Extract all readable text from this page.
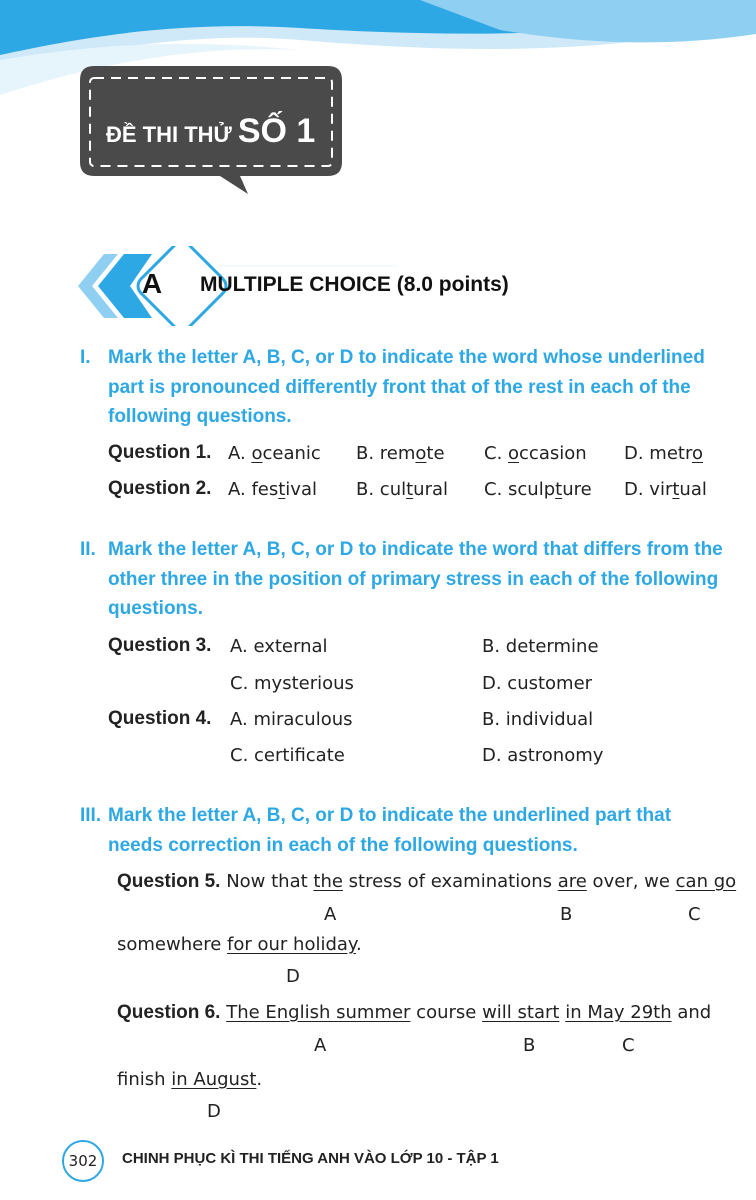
ĐỀ THI THỬ SỐ 1
A	MULTIPLE CHOICE (8.0 points)
I. Mark the letter A, B, C, or D to indicate the word whose underlined part is pronounced differently front that of the rest in each of the following questions.
Question 1. A. oceanic B. remote C. occasion D. metro
Question 2. A. festival B. cultural C. sculpture D. virtual
II. Mark the letter A, B, C, or D to indicate the word that differs from the other three in the position of primary stress in each of the following questions.
Question 3. A. external	B. determine
C. mysterious	D. customer
Question 4. A. miraculous	B. individual
C. certificate	D. astronomy
III. Mark the letter A, B, C, or D to indicate the underlined part that needs correction in each of the following questions.
Question 5. Now that the stress of examinations are over, we can go
A	B	C
somewhere for our holiday.
D
Question 6. The English summer course will start in May 29th and
A	B	C
finish in August.
D
302	CHINH PHỤC KÌ THI TIẾNG ANH VÀO LỚP 10 - TẬP 1
